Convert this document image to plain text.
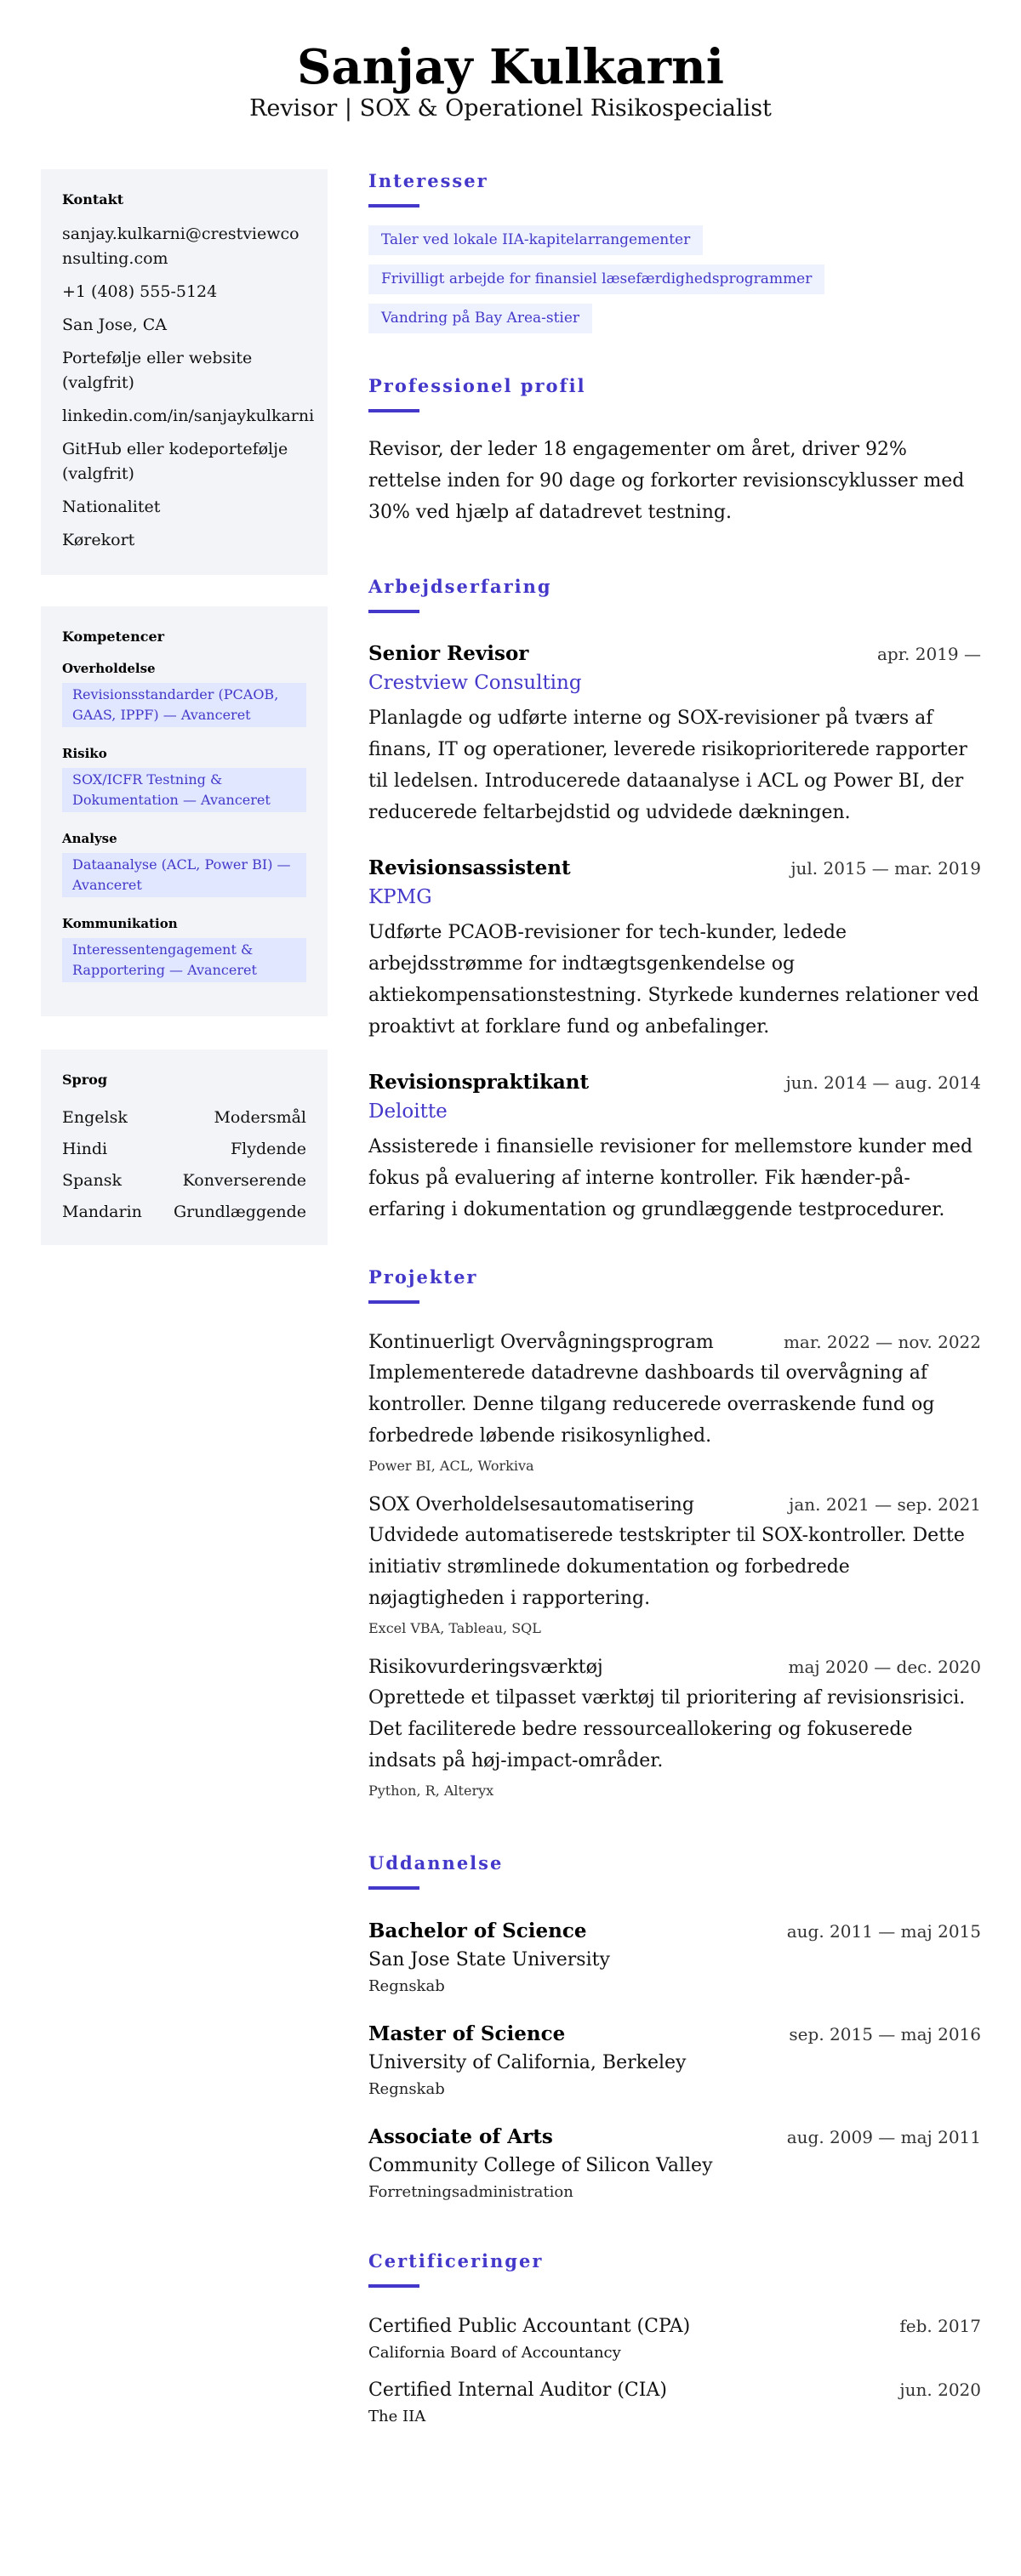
Sanjay Kulkarni
Revisor | SOX & Operationel Risikospecialist
Kontakt
sanjay.kulkarni@crestviewconsulting.com
+1 (408) 555-5124
San Jose, CA
Portefølje eller website (valgfrit)
linkedin.com/in/sanjaykulkarni
GitHub eller kodeportefølje (valgfrit)
Nationalitet
Kørekort
Kompetencer
Overholdelse
Revisionsstandarder (PCAOB, GAAS, IPPF) — Avanceret
Risiko
SOX/ICFR Testning & Dokumentation — Avanceret
Analyse
Dataanalyse (ACL, Power BI) — Avanceret
Kommunikation
Interessentengagement & Rapportering — Avanceret
Sprog
Engelsk	Modersmål
Hindi	Flydende
Spansk	Konverserende
Mandarin Grundlæggende
Interesser
Taler ved lokale IIA-kapitelarrangementer
Frivilligt arbejde for finansiel læsefærdighedsprogrammer
Vandring på Bay Area-stier
Professionel profil

Revisor, der leder 18 engagementer om året, driver 92% rettelse inden for 90 dage og forkorter revisionscyklusser med 30% ved hjælp af datadrevet testning.

Arbejdserfaring
Senior Revisor	apr. 2019 —
Crestview Consulting

Planlagde og udførte interne og SOX-revisioner på tværs af finans, IT og operationer, leverede risikoprioriterede rapporter til ledelsen. Introducerede dataanalyse i ACL og Power BI, der reducerede feltarbejdstid og udvidede dækningen.

Revisionsassistent	jul. 2015 — mar. 2019
KPMG

Udførte PCAOB-revisioner for tech-kunder, ledede arbejdsstrømme for indtægtsgenkendelse og aktiekompensationstestning. Styrkede kundernes relationer ved proaktivt at forklare fund og anbefalinger.

Revisionspraktikant	jun. 2014 — aug. 2014
Deloitte

Assisterede i finansielle revisioner for mellemstore kunder med fokus på evaluering af interne kontroller. Fik hænder-på-erfaring i dokumentation og grundlæggende testprocedurer.

Projekter
Kontinuerligt Overvågningsprogram	mar. 2022 — nov. 2022

Implementerede datadrevne dashboards til overvågning af kontroller. Denne tilgang reducerede overraskende fund og forbedrede løbende risikosynlighed.

Power BI, ACL, Workiva
SOX Overholdelsesautomatisering	jan. 2021 — sep. 2021

Udvidede automatiserede testskripter til SOX-kontroller. Dette initiativ strømlinede dokumentation og forbedrede nøjagtigheden i rapportering.

Excel VBA, Tableau, SQL
Risikovurderingsværktøj	maj 2020 — dec. 2020

Oprettede et tilpasset værktøj til prioritering af revisionsrisici. Det faciliterede bedre ressourceallokering og fokuserede indsats på høj-impact-områder.

Python, R, Alteryx
Uddannelse
Bachelor of Science	aug. 2011 — maj 2015
San Jose State University
Regnskab
Master of Science	sep. 2015 — maj 2016
University of California, Berkeley
Regnskab
Associate of Arts	aug. 2009 — maj 2011
Community College of Silicon Valley
Forretningsadministration
Certificeringer
Certified Public Accountant (CPA)	feb. 2017
California Board of Accountancy
Certified Internal Auditor (CIA)	jun. 2020
The IIA
